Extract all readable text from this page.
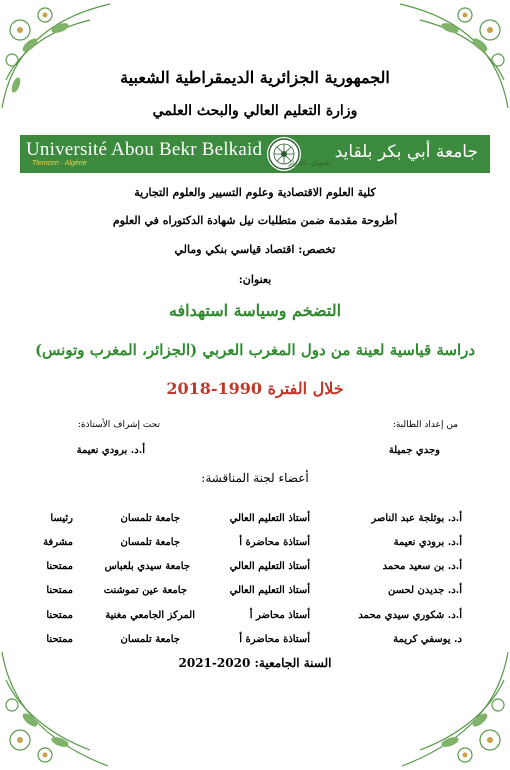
الجمهورية الجزائرية الديمقراطية الشعبية
وزارة التعليم العالي والبحث العلمي
Université Abou Bekr Belkaid
Tlemcen · Algérie	تلمسان - الجزائر
جامعة أبي بكر بلقايد
كلية العلوم الاقتصادية وعلوم التسيير والعلوم التجارية
أطروحة مقدمة ضمن متطلبات نيل شهادة الدكتوراه في العلوم
تخصص: اقتصاد قياسي بنكي ومالي
بعنوان:
التضخم وسياسة استهدافه
دراسة قياسية لعينة من دول المغرب العربي (الجزائر، المغرب وتونس)
خلال الفترة 1990-2018
من إعداد الطالبة:
تحت إشراف الأستاذة:
وجدي جميلة
أ.د. برودي نعيمة
أعضاء لجنة المناقشة:
أ.د. بوثلجة عبد الناصر
أستاذ التعليم العالي
جامعة تلمسان
رئيسا
أ.د. برودي نعيمة
أستاذة محاضرة أ
جامعة تلمسان
مشرفة
أ.د. بن سعيد محمد
أستاذ التعليم العالي
جامعة سيدي بلعباس
ممتحنا
أ.د. جديدن لحسن
أستاذ التعليم العالي
جامعة عين تموشنت
ممتحنا
أ.د. شكوري سيدي محمد
أستاذ محاضر أ
المركز الجامعي مغنية
ممتحنا
د. يوسفي كريمة
أستاذة محاضرة أ
جامعة تلمسان
ممتحنا
السنة الجامعية: 2020-2021
